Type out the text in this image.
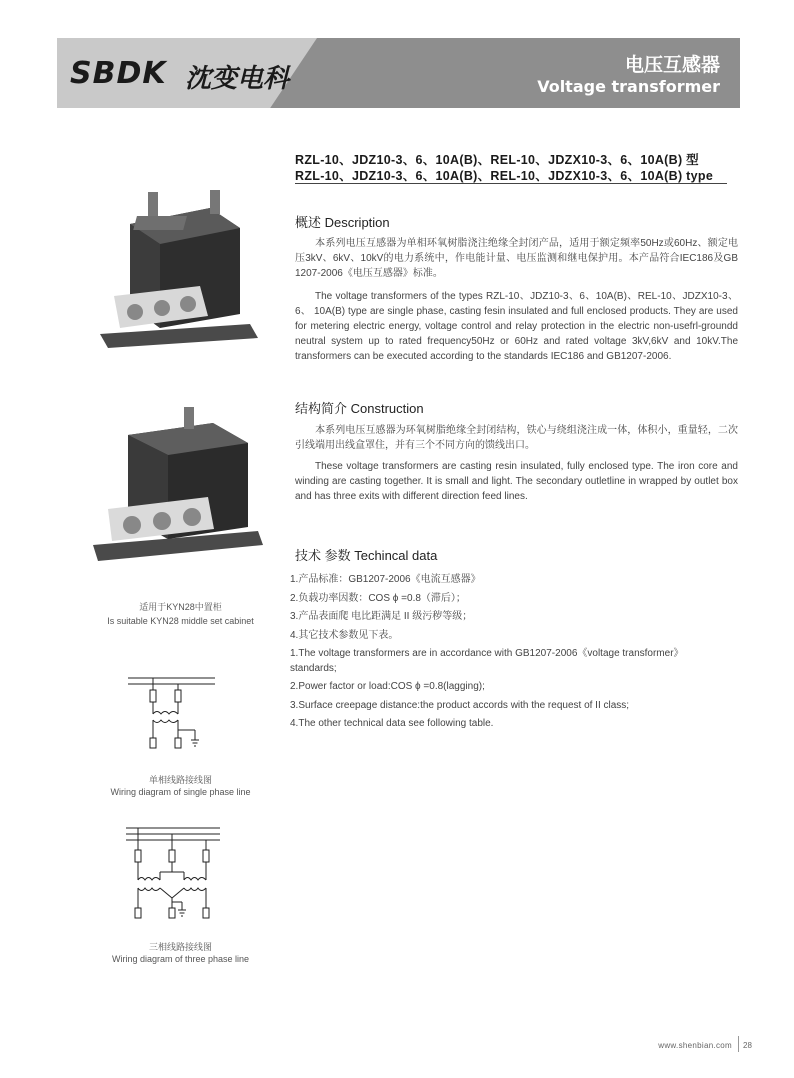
SBDK 沈变电科	电压互感器
Voltage transformer
RZL-10、JDZ10-3、6、10A(B)、REL-10、JDZX10-3、6、10A(B) 型
RZL-10、JDZ10-3、6、10A(B)、REL-10、JDZX10-3、6、10A(B) type
适用于KYN28中置柜
Is suitable KYN28 middle set cabinet
单相线路接线图
Wiring diagram of single phase line
三相线路接线图
Wiring diagram of three phase line
概述 Description
本系列电压互感器为单相环氧树脂浇注绝缘全封闭产品，适用于额定频率50Hz或60Hz、额定电压3kV、6kV、10kV的电力系统中，作电能计量、电压监测和继电保护用。本产品符合IEC186及GB 1207-2006《电压互感器》标准。
The voltage transformers of the types RZL-10、JDZ10-3、6、10A(B)、REL-10、JDZX10-3、 6、 10A(B) type are single phase, casting fesin insulated and full enclosed products. They are used for metering electric energy, voltage control and relay protection in the electric non-usefrl-groundd neutral system up to rated frequency50Hz or 60Hz and rated voltage 3kV,6kV and 10kV.The transformers can be executed according to the standards IEC186 and GB1207-2006.
结构简介 Construction
本系列电压互感器为环氧树脂绝缘全封闭结构，铁心与绕组浇注成一体，体积小，重量轻，二次引线端用出线盒罩住，并有三个不同方向的馈线出口。
These voltage transformers are casting resin insulated, fully enclosed type. The iron core and winding are casting together. It is small and light. The secondary outletline in wrapped by outlet box and has three exits with different direction feed lines.
技术 参数 Techincal data
1.产品标准：GB1207-2006《电流互感器》
2.负载功率因数：COS ϕ =0.8（滞后）；
3.产品表面爬 电比距满足 II 级污秽等级；
4.其它技术参数见下表。
1.The voltage transformers are in accordance with GB1207-2006《voltage transformer》
standards;
2.Power factor or load:COS ϕ =0.8(lagging);
3.Surface creepage distance:the product accords with the request of II class;
4.The other technical data see following table.
www.shenbian.com 28
